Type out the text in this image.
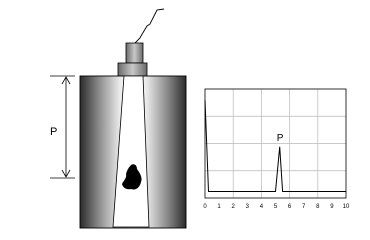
P
0 1 2 3 4 5 6 7 8 9 10
P
